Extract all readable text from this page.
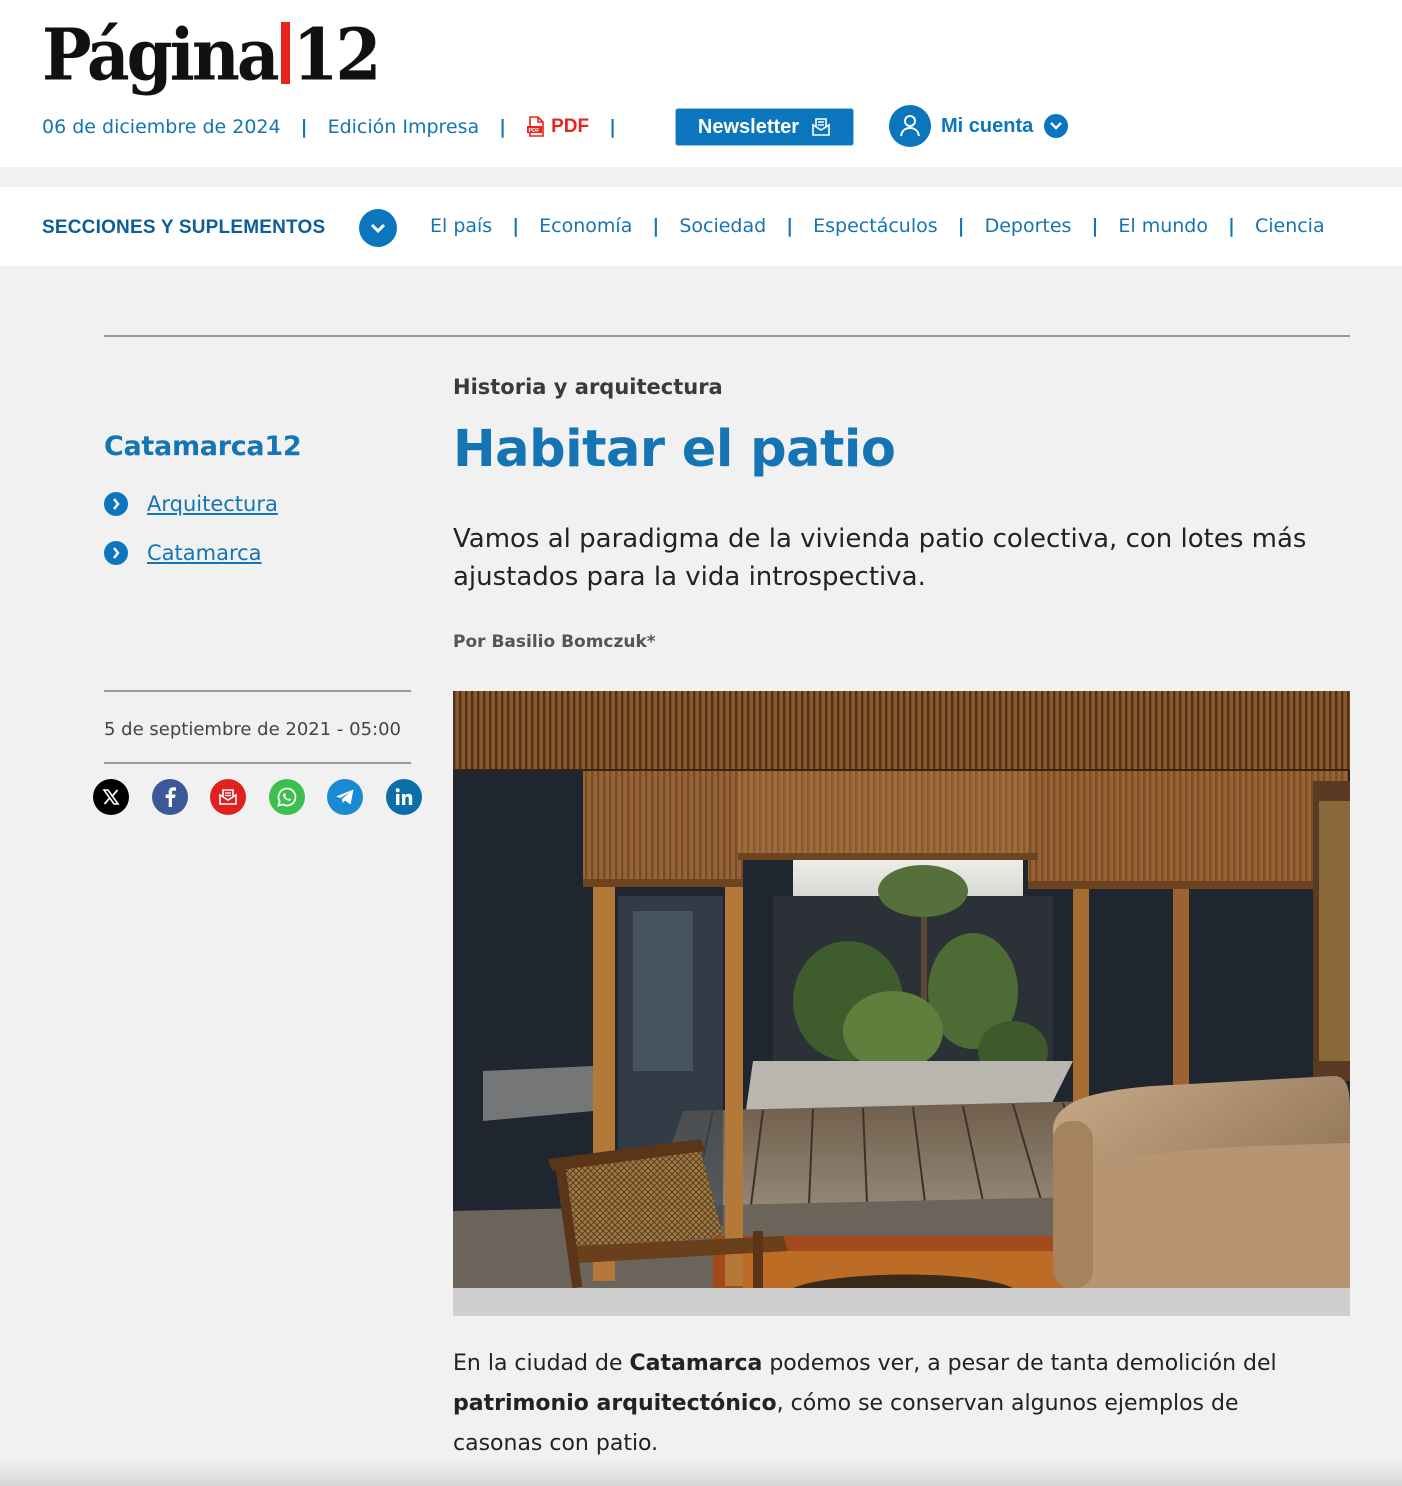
Página 12
06 de diciembre de 2024 | Edición Impresa |	PDF PDF |	Newsletter	Mi cuenta
SECCIONES Y SUPLEMENTOS	El país | Economía | Sociedad | Espectáculos | Deportes | El mundo | Ciencia
Catamarca12
Arquitectura
Catamarca
5 de septiembre de 2021 - 05:00
Historia y arquitectura
Habitar el patio

Vamos al paradigma de la vivienda patio colectiva, con lotes más ajustados para la vida introspectiva.

Por Basilio Bomczuk*

En la ciudad de Catamarca podemos ver, a pesar de tanta demolición del patrimonio arquitectónico, cómo se conservan algunos ejemplos de casonas con patio.
